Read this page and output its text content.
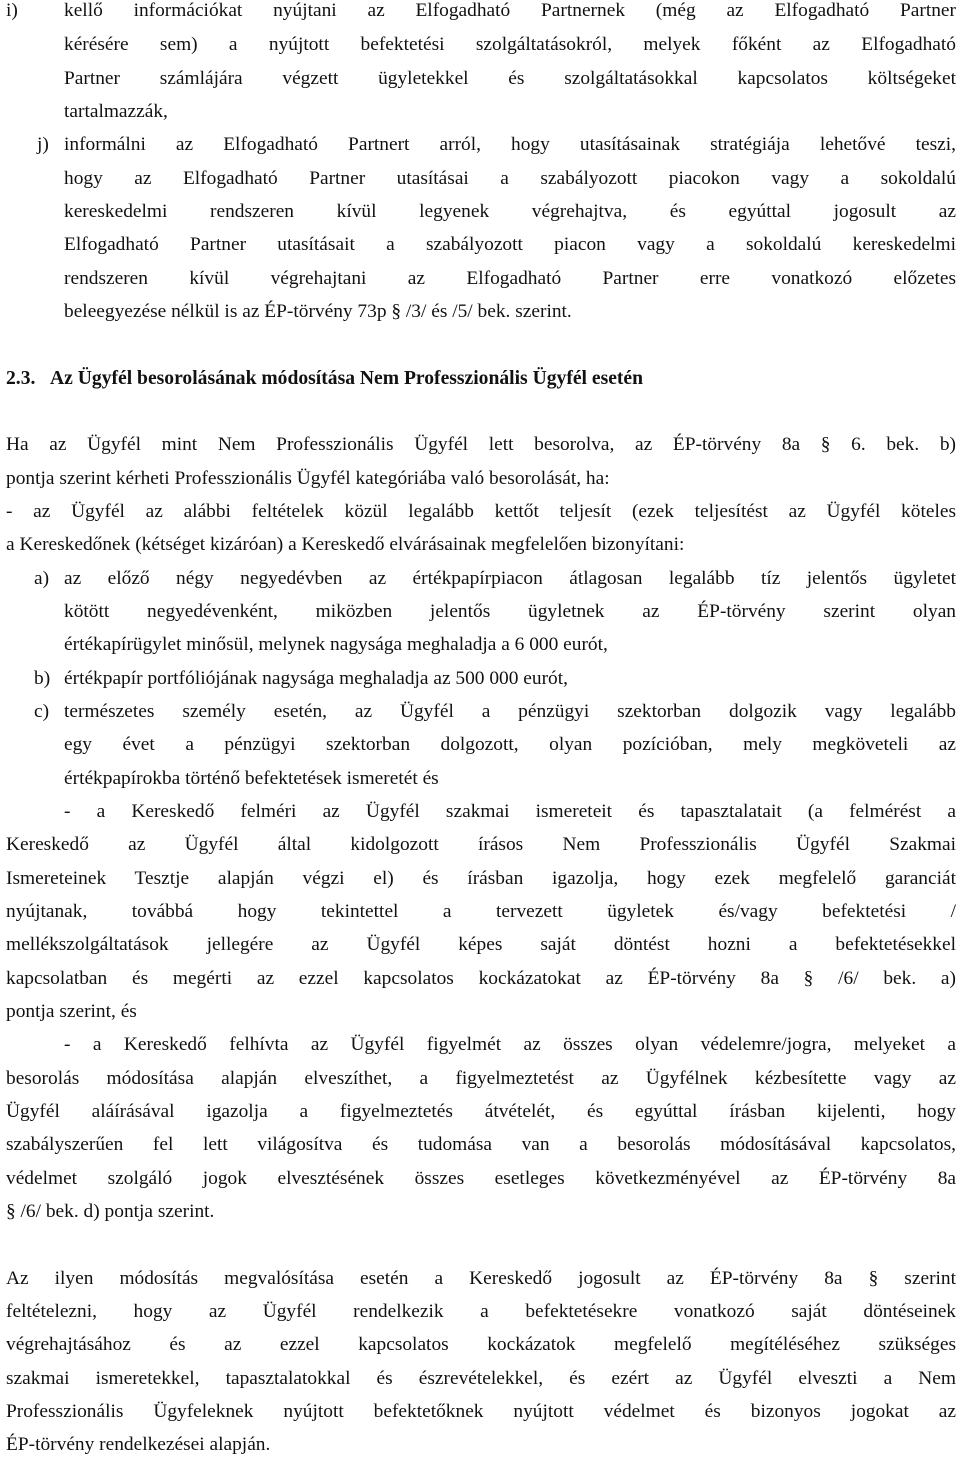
i) kellő információkat nyújtani az Elfogadható Partnernek (még az Elfogadható Partner
kérésére sem) a nyújtott befektetési szolgáltatásokról, melyek főként az Elfogadható
Partner számlájára végzett ügyletekkel és szolgáltatásokkal kapcsolatos költségeket
tartalmazzák,
j) informálni az Elfogadható Partnert arról, hogy utasításainak stratégiája lehetővé teszi,
hogy az Elfogadható Partner utasításai a szabályozott piacokon vagy a sokoldalú
kereskedelmi rendszeren kívül legyenek végrehajtva, és egyúttal jogosult az
Elfogadható Partner utasításait a szabályozott piacon vagy a sokoldalú kereskedelmi
rendszeren kívül végrehajtani az Elfogadható Partner erre vonatkozó előzetes
beleegyezése nélkül is az ÉP-törvény 73p § /3/ és /5/ bek. szerint.
2.3. Az Ügyfél besorolásának módosítása Nem Professzionális Ügyfél esetén
Ha az Ügyfél mint Nem Professzionális Ügyfél lett besorolva, az ÉP-törvény 8a § 6. bek. b)
pontja szerint kérheti Professzionális Ügyfél kategóriába való besorolását, ha:
- az Ügyfél az alábbi feltételek közül legalább kettőt teljesít (ezek teljesítést az Ügyfél köteles
a Kereskedőnek (kétséget kizáróan) a Kereskedő elvárásainak megfelelően bizonyítani:
a) az előző négy negyedévben az értékpapírpiacon átlagosan legalább tíz jelentős ügyletet
kötött negyedévenként, miközben jelentős ügyletnek az ÉP-törvény szerint olyan
értékapírügylet minősül, melynek nagysága meghaladja a 6 000 eurót,
b) értékpapír portfóliójának nagysága meghaladja az 500 000 eurót,
c) természetes személy esetén, az Ügyfél a pénzügyi szektorban dolgozik vagy legalább
egy évet a pénzügyi szektorban dolgozott, olyan pozícióban, mely megköveteli az
értékpapírokba történő befektetések ismeretét és
- a Kereskedő felméri az Ügyfél szakmai ismereteit és tapasztalatait (a felmérést a
Kereskedő az Ügyfél által kidolgozott írásos Nem Professzionális Ügyfél Szakmai
Ismereteinek Tesztje alapján végzi el) és írásban igazolja, hogy ezek megfelelő garanciát
nyújtanak, továbbá hogy tekintettel a tervezett ügyletek és/vagy befektetési /
mellékszolgáltatások jellegére az Ügyfél képes saját döntést hozni a befektetésekkel
kapcsolatban és megérti az ezzel kapcsolatos kockázatokat az ÉP-törvény 8a § /6/ bek. a)
pontja szerint, és
- a Kereskedő felhívta az Ügyfél figyelmét az összes olyan védelemre/jogra, melyeket a
besorolás módosítása alapján elveszíthet, a figyelmeztetést az Ügyfélnek kézbesítette vagy az
Ügyfél aláírásával igazolja a figyelmeztetés átvételét, és egyúttal írásban kijelenti, hogy
szabályszerűen fel lett világosítva és tudomása van a besorolás módosításával kapcsolatos,
védelmet szolgáló jogok elvesztésének összes esetleges következményével az ÉP-törvény 8a
§ /6/ bek. d) pontja szerint.
Az ilyen módosítás megvalósítása esetén a Kereskedő jogosult az ÉP-törvény 8a § szerint
feltételezni, hogy az Ügyfél rendelkezik a befektetésekre vonatkozó saját döntéseinek
végrehajtásához és az ezzel kapcsolatos kockázatok megfelelő megítéléséhez szükséges
szakmai ismeretekkel, tapasztalatokkal és észrevételekkel, és ezért az Ügyfél elveszti a Nem
Professzionális Ügyfeleknek nyújtott befektetőknek nyújtott védelmet és bizonyos jogokat az
ÉP-törvény rendelkezései alapján.
